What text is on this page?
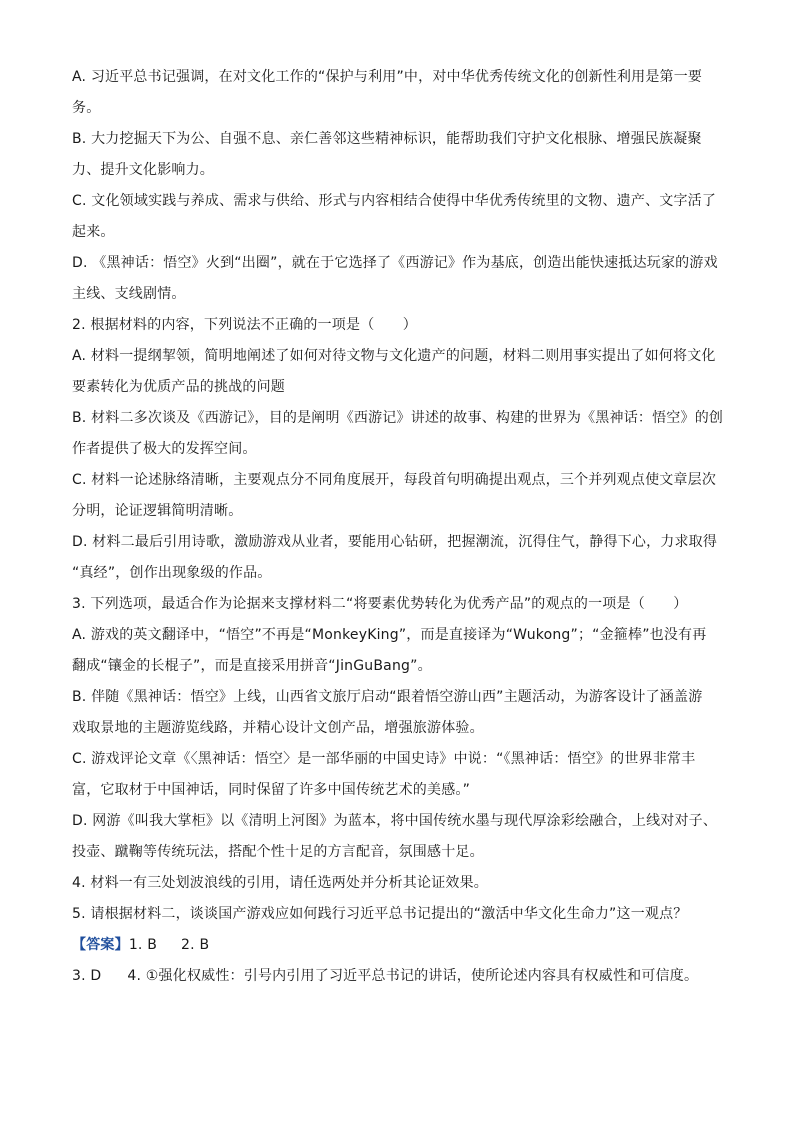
A. 习近平总书记强调，在对文化工作的“保护与利用”中，对中华优秀传统文化的创新性利用是第一要

务。

B. 大力挖掘天下为公、自强不息、亲仁善邻这些精神标识，能帮助我们守护文化根脉、增强民族凝聚

力、提升文化影响力。

C. 文化领域实践与养成、需求与供给、形式与内容相结合使得中华优秀传统里的文物、遗产、文字活了

起来。

D. 《黑神话：悟空》火到“出圈”，就在于它选择了《西游记》作为基底，创造出能快速抵达玩家的游戏

主线、支线剧情。

2. 根据材料的内容，下列说法不正确的一项是（　　）

A. 材料一提纲挈领，简明地阐述了如何对待文物与文化遗产的问题，材料二则用事实提出了如何将文化

要素转化为优质产品的挑战的问题

B. 材料二多次谈及《西游记》，目的是阐明《西游记》讲述的故事、构建的世界为《黑神话：悟空》的创

作者提供了极大的发挥空间。

C. 材料一论述脉络清晰，主要观点分不同角度展开，每段首句明确提出观点，三个并列观点使文章层次

分明，论证逻辑简明清晰。

D. 材料二最后引用诗歌，激励游戏从业者，要能用心钻研，把握潮流，沉得住气，静得下心，力求取得

“真经”，创作出现象级的作品。

3. 下列选项，最适合作为论据来支撑材料二“将要素优势转化为优秀产品”的观点的一项是（　　）

A. 游戏的英文翻译中，“悟空”不再是“MonkeyKing”，而是直接译为“Wukong”；“金箍棒”也没有再

翻成“镶金的长棍子”，而是直接采用拼音“JinGuBang”。

B. 伴随《黑神话：悟空》上线，山西省文旅厅启动“跟着悟空游山西”主题活动，为游客设计了涵盖游

戏取景地的主题游览线路，并精心设计文创产品，增强旅游体验。

C. 游戏评论文章《〈黑神话：悟空〉是一部华丽的中国史诗》中说：“《黑神话：悟空》的世界非常丰

富，它取材于中国神话，同时保留了许多中国传统艺术的美感。”

D. 网游《叫我大掌柜》以《清明上河图》为蓝本，将中国传统水墨与现代厚涂彩绘融合，上线对对子、

投壶、蹴鞠等传统玩法，搭配个性十足的方言配音，氛围感十足。

4. 材料一有三处划波浪线的引用，请任选两处并分析其论证效果。

5. 请根据材料二，谈谈国产游戏应如何践行习近平总书记提出的“激活中华文化生命力”这一观点？

【答案】1. B 2. B

3. D 4. ①强化权威性：引号内引用了习近平总书记的讲话，使所论述内容具有权威性和可信度。
